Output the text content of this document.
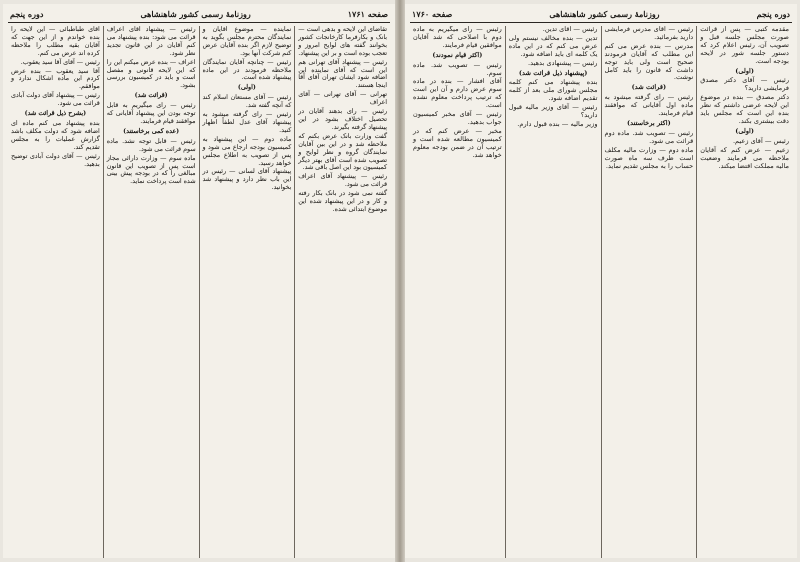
صفحه ۱۷۶۱
روزنامهٔ رسمی کشور شاهنشاهی
دوره پنجم

تقاضای این لایحه و بدهی است — بانک و بکارفرما کارخانجات کشور بخوانند گفته های لوایح امروز و تعجب بوده است و بر این پیشنهاد.

رئیس — پیشنهاد آقای تهرانی هم این است که آقای نماینده این اضافه شود ایشان تهران آقای آقا اینجا هستند.

تهرانی — آقای تهرانی — آقای اعراف

رئیس — رای بدهند آقایان در تحصیل اختلاف بشود در این پیشنهاد گرفته بگیرند.

گفت وزارت بانک عرض بکنم که ملاحظه شد و در این بین آقایان نمایندگان گروه و نظر لوایح و تصویب شده است آقای بهتر دیگر کمیسیون بود این اصل باقی شد.

رئیس — پیشنهاد آقای اعراف قرائت می شود.

گفته نمی شود در بانک بکار رفته و کار و در این پیشنهاد شده این موضوع ابتدائی شده.

نماینده — موضوع آقایان و نمایندگان محترم مجلس بگوید به توضیح لازم اگر بنده آقایان عرض کنم شرکت آنها بود.

رئیس — چنانچه آقایان نمایندگان ملاحظه فرمودند در این ماده پیشنهاد شده است.

(اولی)

رئیس — آقای مستعان اسلام کند که آنچه گفته شد.

رئیس — رای گرفته میشود به پیشنهاد آقای عدل لطفاً اظهار کنید.

ماده دوم — این پیشنهاد به کمیسیون بودجه ارجاع می شود و پس از تصویب به اطلاع مجلس خواهد رسید.

پیشنهاد آقای لسانی — رئیس در این باب نظر دارد و پیشنهاد شد بخوانید.

رئیس — پیشنهاد آقای اعراف قرائت می شود: بنده پیشنهاد می کنم آقایان در این قانون تجدید نظر شود.

اعراف — بنده عرض میکنم این را که این لایحه قانونی و مفصل است و باید در کمیسیون بررسی بشود.

(قرائت شد)

رئیس — رای میگیریم به قابل توجه بودن این پیشنهاد آقایانی که موافقند قیام فرمایند.

(عده کمی برخاستند)

رئیس — قابل توجه نشد. ماده سوم قرائت می شود.

ماده سوم — وزارت دارائی مجاز است پس از تصویب این قانون مبالغی را که در بودجه پیش بینی شده است پرداخت نماید.

آقای طباطبائی — این لایحه را بنده خواندم و از این جهت که آقایان بقیه مطلب را ملاحظه کرده اند عرض می کنم.

رئیس — آقای آقا سید یعقوب.

آقا سید یعقوب — بنده عرض کردم این ماده اشکال ندارد و موافقم.

رئیس — پیشنهاد آقای دولت آبادی قرائت می شود.

(بشرح ذیل قرائت شد)

بنده پیشنهاد می کنم ماده ای اضافه شود که دولت مکلف باشد گزارش عملیات را به مجلس تقدیم کند.

رئیس — آقای دولت آبادی توضیح بدهید.

دوره پنجم
روزنامهٔ رسمی کشور شاهنشاهی
صفحه ۱۷۶۰

مقدمه کتبی — پس از قرائت صورت مجلس جلسه قبل و تصویب آن، رئیس اعلام کرد که دستور جلسه شور در لایحه بودجه است.

(اولی)

رئیس — آقای دکتر مصدق فرمایشی دارید؟

دکتر مصدق — بنده در موضوع این لایحه عرضی داشتم که نظر بنده این است که مجلس باید دقت بیشتری بکند.

(اولی)

رئیس — آقای زعیم.

زعیم — عرض کنم که آقایان ملاحظه می فرمایند وضعیت مالیه مملکت اقتضا میکند.

رئیس — آقای مدرس فرمایشی دارید بفرمائید.

مدرس — بنده عرض می کنم این مطلب که آقایان فرمودند صحیح است ولی باید توجه داشت که قانون را باید کامل نوشت.

(قرائت شد)

رئیس — رای گرفته میشود به ماده اول آقایانی که موافقند قیام فرمایند.

(اکثر برخاستند)

رئیس — تصویب شد. ماده دوم قرائت می شود.

ماده دوم — وزارت مالیه مکلف است ظرف سه ماه صورت حساب را به مجلس تقدیم نماید.

رئیس — آقای تدین.

تدین — بنده مخالف نیستم ولی عرض می کنم که در این ماده یک کلمه ای باید اضافه شود.

رئیس — پیشنهادی بدهید.

(پیشنهاد ذیل قرائت شد)

بنده پیشنهاد می کنم کلمه مجلس شورای ملی بعد از کلمه تقدیم اضافه شود.

رئیس — آقای وزیر مالیه قبول دارید؟

وزیر مالیه — بنده قبول دارم.

رئیس — رای میگیریم به ماده دوم با اصلاحی که شد آقایان موافقین قیام فرمایند.

(اکثر قیام نمودند)

رئیس — تصویب شد. ماده سوم.

آقای افشار — بنده در ماده سوم عرض دارم و آن این است که ترتیب پرداخت معلوم نشده است.

رئیس — آقای مخبر کمیسیون جواب بدهید.

مخبر — عرض کنم که در کمیسیون مطالعه شده است و ترتیب آن در ضمن بودجه معلوم خواهد شد.
